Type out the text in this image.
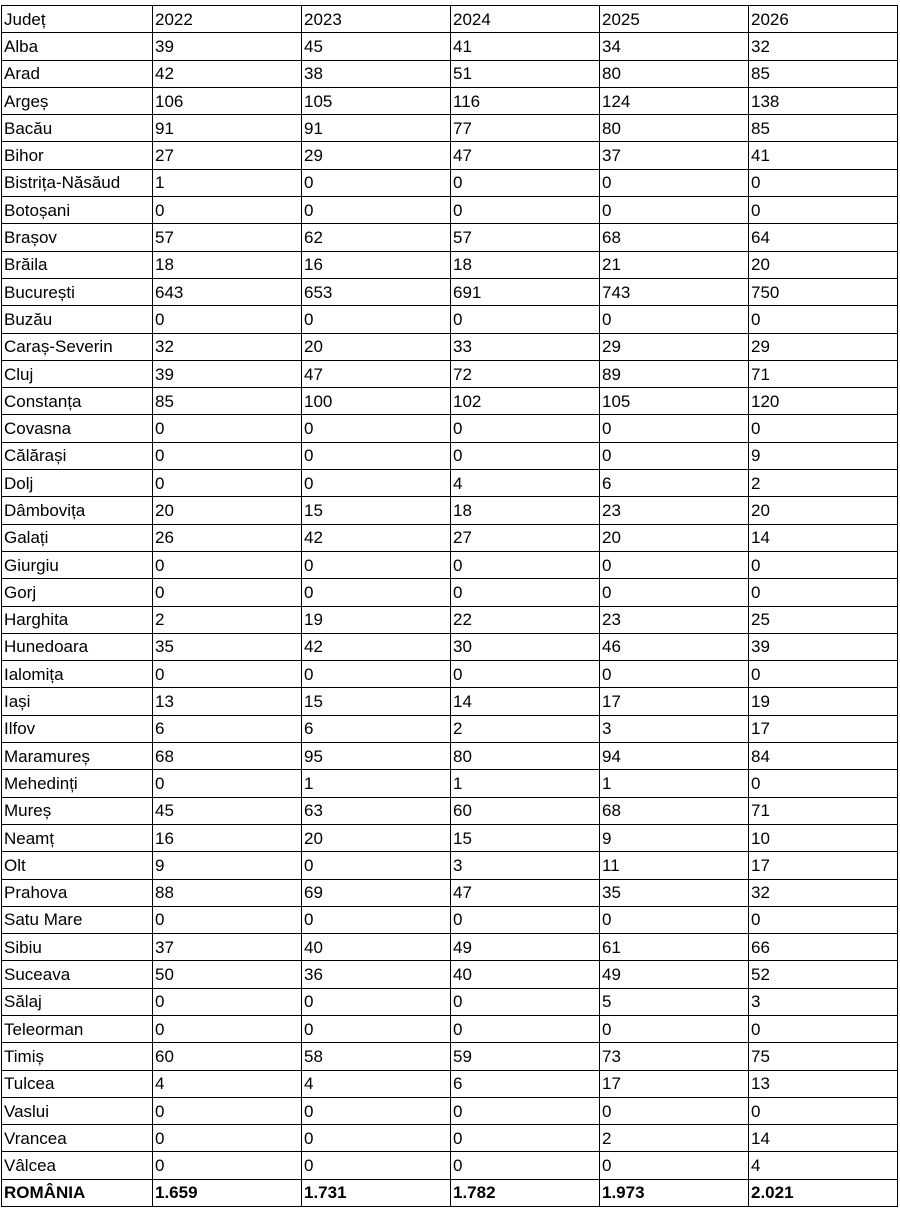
Județ	2022	2023	2024	2025	2026
Alba	39	45	41	34	32
Arad	42	38	51	80	85
Argeș	106	105	116	124	138
Bacău	91	91	77	80	85
Bihor	27	29	47	37	41
Bistrița-Năsăud	1	0	0	0	0
Botoșani	0	0	0	0	0
Brașov	57	62	57	68	64
Brăila	18	16	18	21	20
București	643	653	691	743	750
Buzău	0	0	0	0	0
Caraș-Severin	32	20	33	29	29
Cluj	39	47	72	89	71
Constanța	85	100	102	105	120
Covasna	0	0	0	0	0
Călărași	0	0	0	0	9
Dolj	0	0	4	6	2
Dâmbovița	20	15	18	23	20
Galați	26	42	27	20	14
Giurgiu	0	0	0	0	0
Gorj	0	0	0	0	0
Harghita	2	19	22	23	25
Hunedoara	35	42	30	46	39
Ialomița	0	0	0	0	0
Iași	13	15	14	17	19
Ilfov	6	6	2	3	17
Maramureș	68	95	80	94	84
Mehedinți	0	1	1	1	0
Mureș	45	63	60	68	71
Neamț	16	20	15	9	10
Olt	9	0	3	11	17
Prahova	88	69	47	35	32
Satu Mare	0	0	0	0	0
Sibiu	37	40	49	61	66
Suceava	50	36	40	49	52
Sălaj	0	0	0	5	3
Teleorman	0	0	0	0	0
Timiș	60	58	59	73	75
Tulcea	4	4	6	17	13
Vaslui	0	0	0	0	0
Vrancea	0	0	0	2	14
Vâlcea	0	0	0	0	4
ROMÂNIA	1.659	1.731	1.782	1.973	2.021
